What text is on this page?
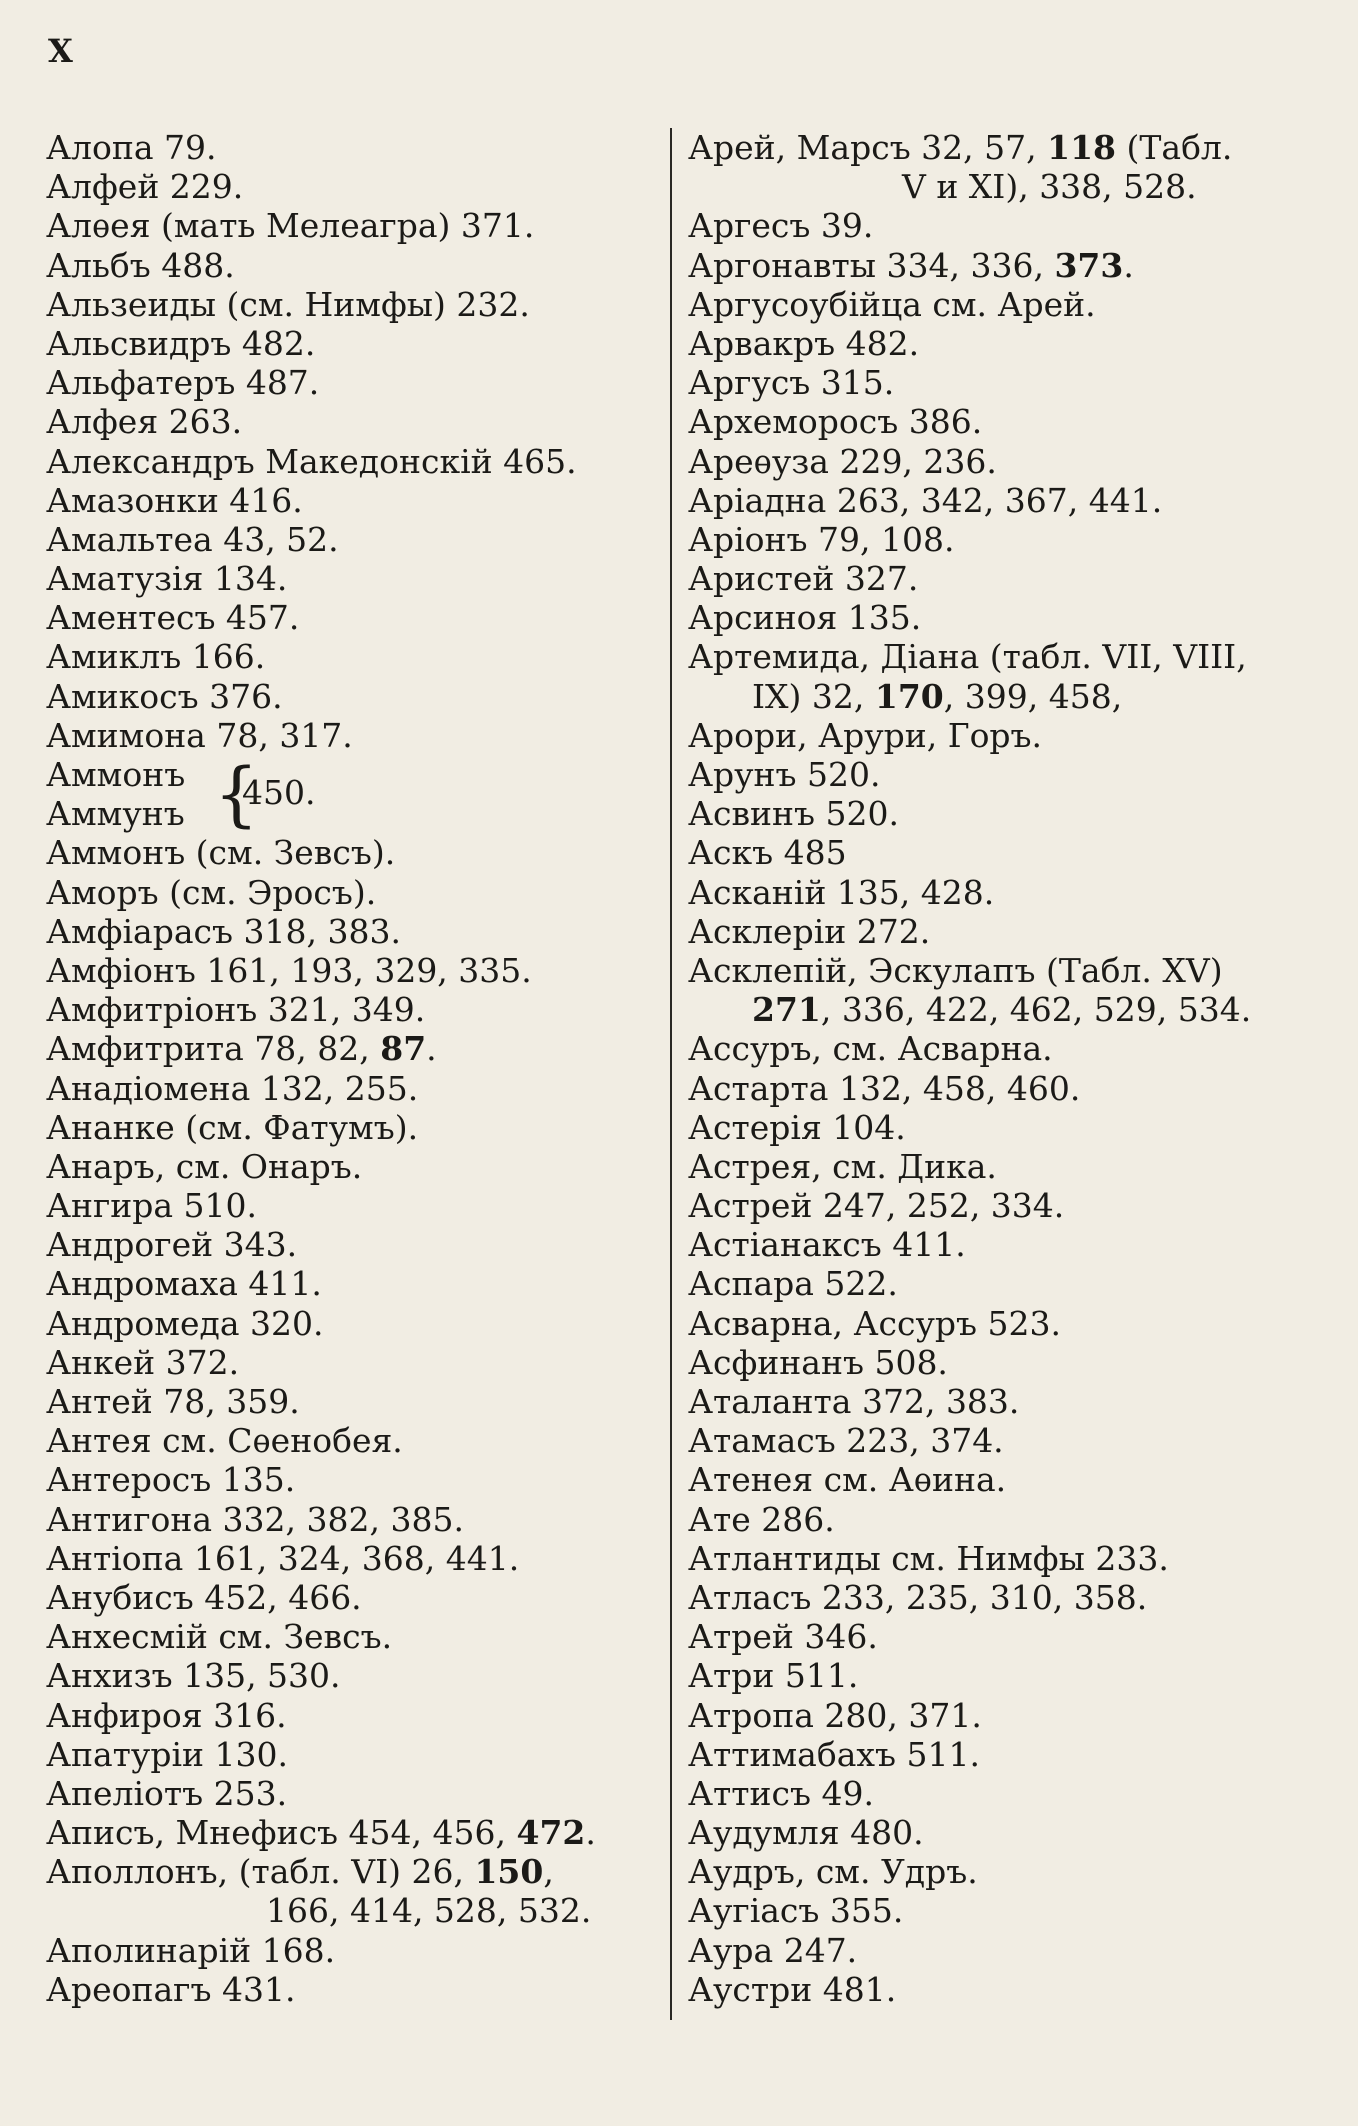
X
Алопа 79.
Алфей 229.
Алѳея (мать Мелеагра) 371.
Альбъ 488.
Альзеиды (см. Нимфы) 232.
Альсвидръ 482.
Альфатеръ 487.
Алфея 263.
Александръ Македонскій 465.
Амазонки 416.
Амальтеа 43, 52.
Аматузія 134.
Аментесъ 457.
Амиклъ 166.
Амикосъ 376.
Амимона 78, 317.
Аммонъ
Аммунъ {
450.
Аммонъ (см. Зевсъ).
Аморъ (см. Эросъ).
Амфіарасъ 318, 383.
Амфіонъ 161, 193, 329, 335.
Амфитріонъ 321, 349.
Амфитрита 78, 82, 87.
Анадіомена 132, 255.
Ананке (см. Фатумъ).
Анаръ, см. Онаръ.
Ангира 510.
Андрогей 343.
Андромаха 411.
Андромеда 320.
Анкей 372.
Антей 78, 359.
Антея см. Сѳенобея.
Антеросъ 135.
Антигона 332, 382, 385.
Антіопа 161, 324, 368, 441.
Анубисъ 452, 466.
Анхесмій см. Зевсъ.
Анхизъ 135, 530.
Анфироя 316.
Апатуріи 130.
Апеліотъ 253.
Аписъ, Мнефисъ 454, 456, 472.
Аполлонъ, (табл. VI) 26, 150,
166, 414, 528, 532.
Аполинарій 168.
Ареопагъ 431.
Арей, Марсъ 32, 57, 118 (Табл.
V и XI), 338, 528.
Аргесъ 39.
Аргонавты 334, 336, 373.
Аргусоубійца см. Арей.
Арвакръ 482.
Аргусъ 315.
Археморосъ 386.
Ареѳуза 229, 236.
Аріадна 263, 342, 367, 441.
Аріонъ 79, 108.
Аристей 327.
Арсиноя 135.
Артемида, Діана (табл. VII, VIII,
IX) 32, 170, 399, 458,
Арори, Арури, Горъ.
Арунъ 520.
Асвинъ 520.
Аскъ 485
Асканій 135, 428.
Асклеріи 272.
Асклепій, Эскулапъ (Табл. XV)
271, 336, 422, 462, 529, 534.
Ассуръ, см. Асварна.
Астарта 132, 458, 460.
Астерія 104.
Астрея, см. Дика.
Астрей 247, 252, 334.
Астіанаксъ 411.
Аспара 522.
Асварна, Ассуръ 523.
Асфинанъ 508.
Аталанта 372, 383.
Атамасъ 223, 374.
Атенея см. Аѳина.
Ате 286.
Атлантиды см. Нимфы 233.
Атласъ 233, 235, 310, 358.
Атрей 346.
Атри 511.
Атропа 280, 371.
Аттимабахъ 511.
Аттисъ 49.
Аудумля 480.
Аудръ, см. Удръ.
Аугіасъ 355.
Аура 247.
Аустри 481.
